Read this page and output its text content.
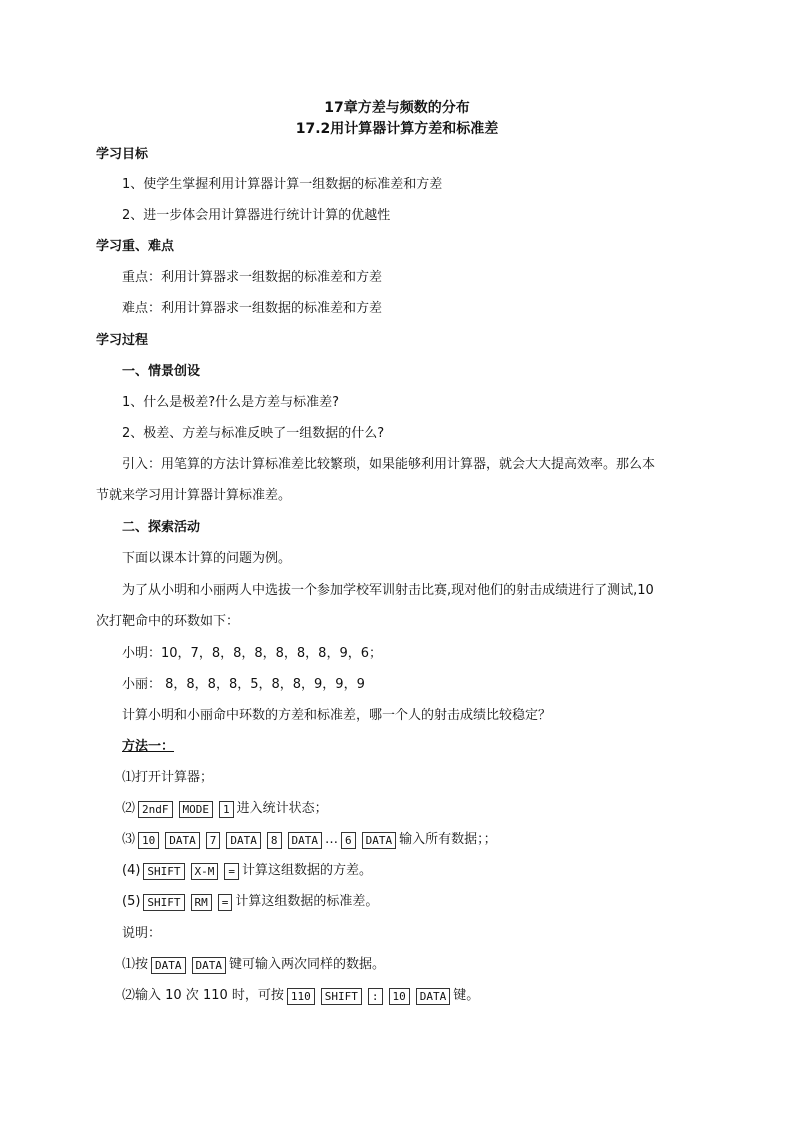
17章方差与频数的分布
17.2用计算器计算方差和标准差
学习目标
1、使学生掌握利用计算器计算一组数据的标准差和方差
2、进一步体会用计算器进行统计计算的优越性
学习重、难点
重点：利用计算器求一组数据的标准差和方差
难点：利用计算器求一组数据的标准差和方差
学习过程
一、情景创设
1、什么是极差?什么是方差与标准差?
2、极差、方差与标准反映了一组数据的什么?
引入：用笔算的方法计算标准差比较繁琐，如果能够利用计算器，就会大大提高效率。那么本
节就来学习用计算器计算标准差。
二、探索活动
下面以课本计算的问题为例。
为了从小明和小丽两人中选拔一个参加学校军训射击比赛,现对他们的射击成绩进行了测试,10
次打靶命中的环数如下：
小明：10，7，8，8，8，8，8，8，9，6；
小丽： 8，8，8，8，5，8，8，9，9，9
计算小明和小丽命中环数的方差和标准差，哪一个人的射击成绩比较稳定？
方法一：
⑴打开计算器；
⑵ 2ndF	MODE	1 进入统计状态；
⑶ 10	DATA	7	DATA	8	DATA … 6	DATA 输入所有数据；；
(4) SHIFT	X-M	= 计算这组数据的方差。
(5) SHIFT	RM	= 计算这组数据的标准差。
说明：
⑴按 DATA	DATA 键可输入两次同样的数据。
⑵输入 10 次 110 时，可按 110	SHIFT	:	10	DATA 键。
